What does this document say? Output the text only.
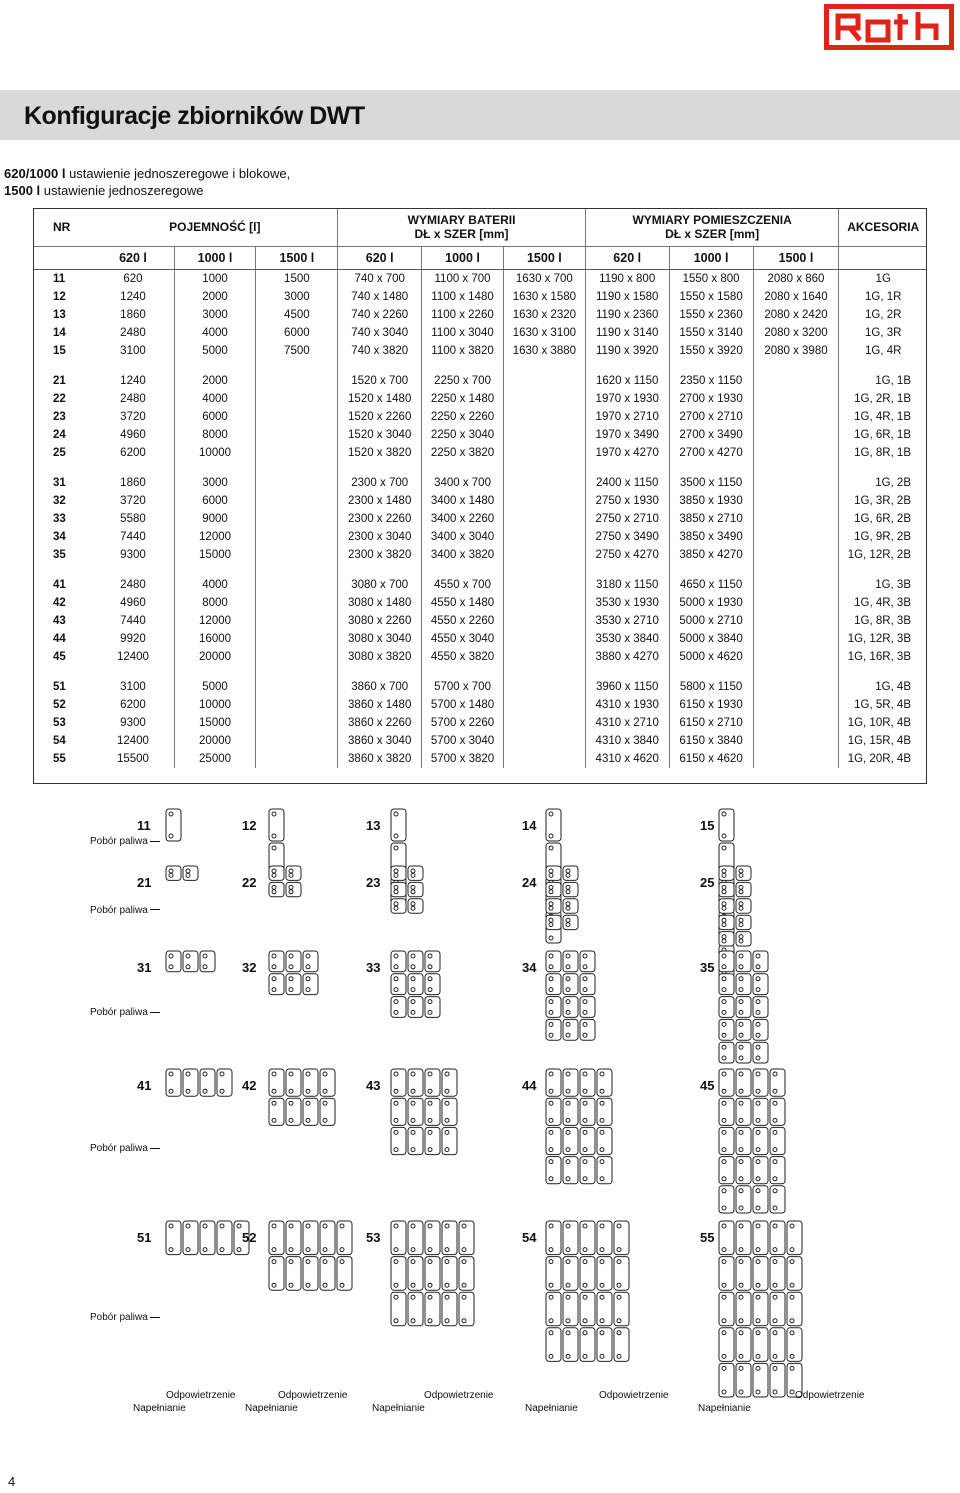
Konfiguracje zbiorników DWT
620/1000 l ustawienie jednoszeregowe i blokowe,
1500 l ustawienie jednoszeregowe
NR	POJEMNOŚĆ [l]			WYMIARY BATERII
DŁ x SZER [mm]			WYMIARY POMIESZCZENIA
DŁ x SZER [mm]			AKCESORIA
	620 l	1000 l	1500 l	620 l	1000 l	1500 l	620 l	1000 l	1500 l	
11	620	1000	1500	740 x 700	1100 x 700	1630 x 700	1190 x 800	1550 x 800	2080 x 860	1G
12	1240	2000	3000	740 x 1480	1100 x 1480	1630 x 1580	1190 x 1580	1550 x 1580	2080 x 1640	1G, 1R
13	1860	3000	4500	740 x 2260	1100 x 2260	1630 x 2320	1190 x 2360	1550 x 2360	2080 x 2420	1G, 2R
14	2480	4000	6000	740 x 3040	1100 x 3040	1630 x 3100	1190 x 3140	1550 x 3140	2080 x 3200	1G, 3R
15	3100	5000	7500	740 x 3820	1100 x 3820	1630 x 3880	1190 x 3920	1550 x 3920	2080 x 3980	1G, 4R

21	1240	2000		1520 x 700	2250 x 700		1620 x 1150	2350 x 1150		1G, 1B
22	2480	4000		1520 x 1480	2250 x 1480		1970 x 1930	2700 x 1930		1G, 2R, 1B
23	3720	6000		1520 x 2260	2250 x 2260		1970 x 2710	2700 x 2710		1G, 4R, 1B
24	4960	8000		1520 x 3040	2250 x 3040		1970 x 3490	2700 x 3490		1G, 6R, 1B
25	6200	10000		1520 x 3820	2250 x 3820		1970 x 4270	2700 x 4270		1G, 8R, 1B

31	1860	3000		2300 x 700	3400 x 700		2400 x 1150	3500 x 1150		1G, 2B
32	3720	6000		2300 x 1480	3400 x 1480		2750 x 1930	3850 x 1930		1G, 3R, 2B
33	5580	9000		2300 x 2260	3400 x 2260		2750 x 2710	3850 x 2710		1G, 6R, 2B
34	7440	12000		2300 x 3040	3400 x 3040		2750 x 3490	3850 x 3490		1G, 9R, 2B
35	9300	15000		2300 x 3820	3400 x 3820		2750 x 4270	3850 x 4270		1G, 12R, 2B

41	2480	4000		3080 x 700	4550 x 700		3180 x 1150	4650 x 1150		1G, 3B
42	4960	8000		3080 x 1480	4550 x 1480		3530 x 1930	5000 x 1930		1G, 4R, 3B
43	7440	12000		3080 x 2260	4550 x 2260		3530 x 2710	5000 x 2710		1G, 8R, 3B
44	9920	16000		3080 x 3040	4550 x 3040		3530 x 3840	5000 x 3840		1G, 12R, 3B
45	12400	20000		3080 x 3820	4550 x 3820		3880 x 4270	5000 x 4620		1G, 16R, 3B

51	3100	5000		3860 x 700	5700 x 700		3960 x 1150	5800 x 1150		1G, 4B
52	6200	10000		3860 x 1480	5700 x 1480		4310 x 1930	6150 x 1930		1G, 5R, 4B
53	9300	15000		3860 x 2260	5700 x 2260		4310 x 2710	6150 x 2710		1G, 10R, 4B
54	12400	20000		3860 x 3040	5700 x 3040		4310 x 3840	6150 x 3840		1G, 15R, 4B
55	15500	25000		3860 x 3820	5700 x 3820		4310 x 4620	6150 x 4620		1G, 20R, 4B
11	12	13	14	15
Pobór paliwa
21	22	23	24	25
Pobór paliwa
31	32	33	34	35
Pobór paliwa
41	42	43	44	45
Pobór paliwa
51	52	53	54	55
Pobór paliwa
Odpowietrzenie
Napełnianie
Odpowietrzenie
Napełnianie
Odpowietrzenie
Napełnianie
Odpowietrzenie
Napełnianie
Odpowietrzenie
Napełnianie
4
